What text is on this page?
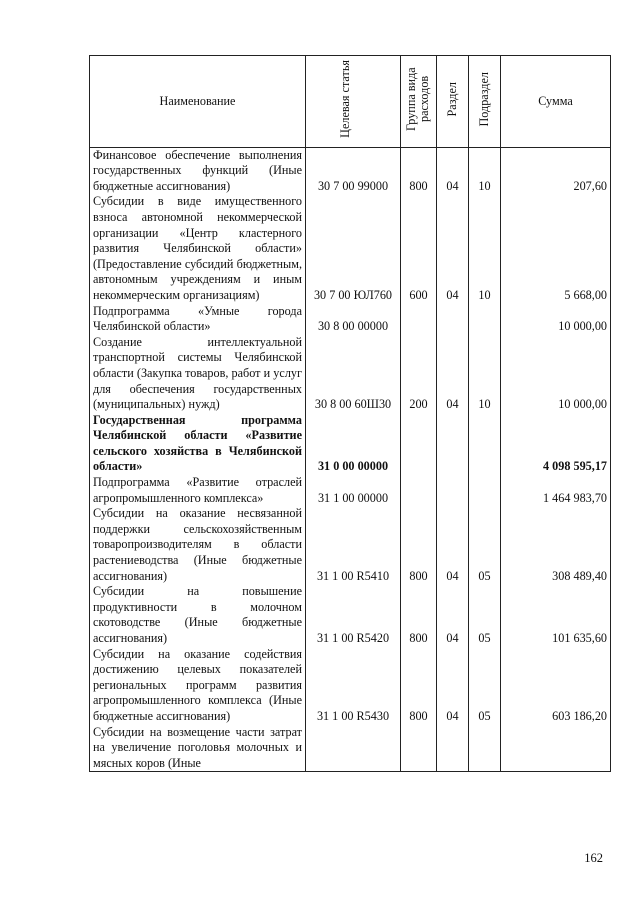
Наименование	Целевая статья	Группа вида расходов	Раздел	Подраздел	Сумма
Финансовое обеспечение выполнения государственных функций (Иные бюджетные ассигнования)	30 7 00 99000	800	04	10	207,60
Субсидии в виде имущественного взноса автономной некоммерческой организации «Центр кластерного развития Челябинской области» (Предоставление субсидий бюджетным, автономным учреждениям и иным некоммерческим организациям)	30 7 00 ЮЛ760	600	04	10	5 668,00
Подпрограмма «Умные города Челябинской области»	30 8 00 00000				10 000,00
Создание интеллектуальной транспортной системы Челябинской области (Закупка товаров, работ и услуг для обеспечения государственных (муниципальных) нужд)	30 8 00 60Ш30	200	04	10	10 000,00
Государственная программа Челябинской области «Развитие сельского хозяйства в Челябинской области»	31 0 00 00000				4 098 595,17
Подпрограмма «Развитие отраслей агропромышленного комплекса»	31 1 00 00000				1 464 983,70
Субсидии на оказание несвязанной поддержки сельскохозяйственным товаропроизводителям в области растениеводства (Иные бюджетные ассигнования)	31 1 00 R5410	800	04	05	308 489,40
Субсидии на повышение продуктивности в молочном скотоводстве (Иные бюджетные ассигнования)	31 1 00 R5420	800	04	05	101 635,60
Субсидии на оказание содействия достижению целевых показателей региональных программ развития агропромышленного комплекса (Иные бюджетные ассигнования)	31 1 00 R5430	800	04	05	603 186,20
Субсидии на возмещение части затрат на увеличение поголовья молочных и мясных коров (Иные					
162
